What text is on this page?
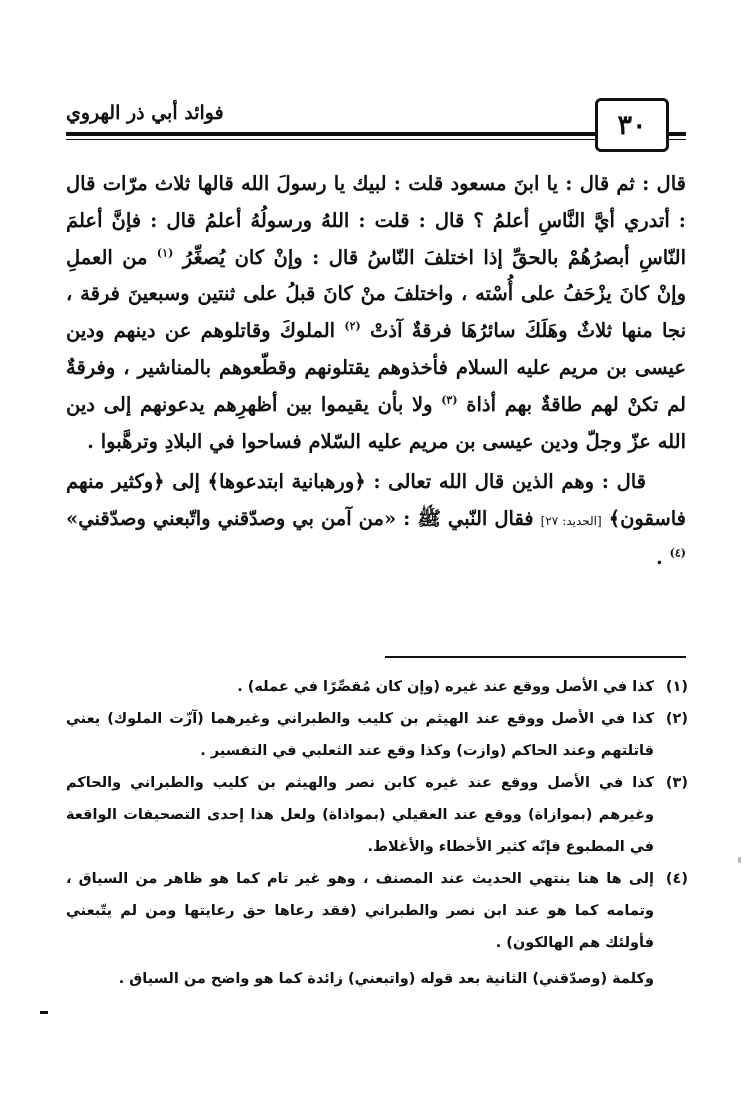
٣٠
فوائد أبي ذر الهروي

قال : ثم قال : يا ابنَ مسعود قلت : لبيك يا رسولَ الله قالها ثلاث مرّات قال : أتدري أيَّ النَّاسِ أعلمُ ؟ قال : قلت : اللهُ ورسولُهُ أعلمُ قال : فإنَّ أعلمَ النّاسِ أبصرُهُمْ بالحقِّ إذا اختلفَ النّاسُ قال : وإنْ كان يُصغِّرُ $^{(١)}$ من العملِ وإنْ كانَ يزْحَفُ على أُسْته ، واختلفَ منْ كانَ قبلُ على ثنتين وسبعينَ فرقة ، نجا منها ثلاثٌ وهَلَكَ سائرُهَا فرقةٌ آذتْ $^{(٢)}$ الملوكَ وقاتلوهم عن دينهم ودين عيسى بن مريم عليه السلام فأخذوهم يقتلونهم وقطّعوهم بالمناشير ، وفرقةٌ لم تكنْ لهم طاقةٌ بهم أذاة $^{(٣)}$ ولا بأن يقيموا بين أظهرِهم يدعونهم إلى دين الله عزّ وجلّ ودين عيسى بن مريم عليه السّلام فساحوا في البلادِ وترهَّبوا .

قال : وهم الذين قال الله تعالى : ﴿ورهبانية ابتدعوها﴾ إلى ﴿وكثير منهم فاسقون﴾ [الحديد: ٢٧] فقال النّبي ﷺ : «من آمن بي وصدّقني واتّبعني وصدّقني» $^{(٤)}$ .

(١)
كذا في الأصل ووقع عند غيره (وإن كان مُقصِّرًا في عمله) .
(٢)
كذا في الأصل ووقع عند الهيثم بن كليب والطبراني وغيرهما (آزّت الملوك) يعني قاتلتهم وعند الحاكم (وازت) وكذا وقع عند الثعلبي في التفسير .
(٣)
كذا في الأصل ووقع عند غيره كابن نصر والهيثم بن كليب والطبراني والحاكم وغيرهم (بموازاة) ووقع عند العقيلي (بمواذاة) ولعل هذا إحدى التصحيفات الواقعة في المطبوع فإنّه كثير الأخطاء والأغلاط.
(٤)
إلى ها هنا ينتهي الحديث عند المصنف ، وهو غير تام كما هو ظاهر من السياق ، وتمامه كما هو عند ابن نصر والطبراني (فقد رعاها حق رعايتها ومن لم يتّبعني فأولئك هم الهالكون) .
وكلمة (وصدّقني) الثانية بعد قوله (واتبعني) زائدة كما هو واضح من السياق .
